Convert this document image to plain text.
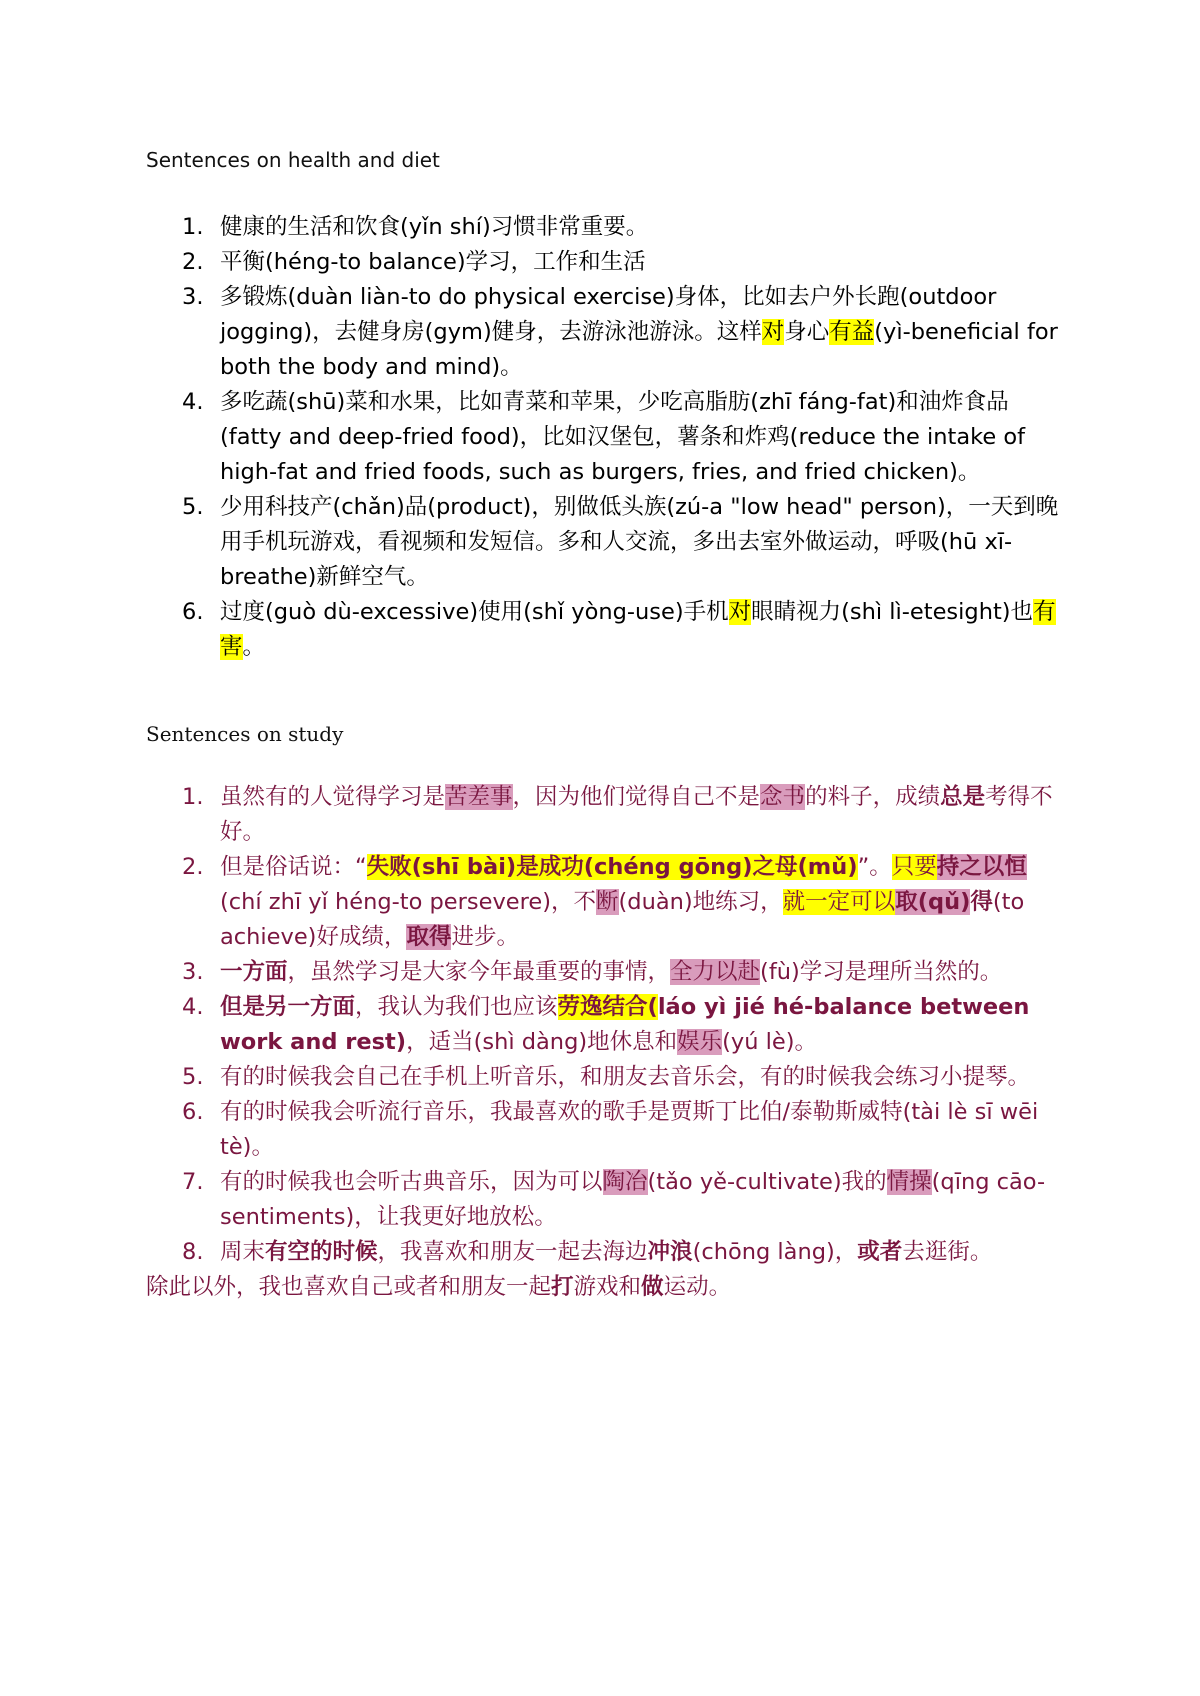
Sentences on health and diet
1. 健康的生活和饮食(yǐn shí)习惯非常重要。
2. 平衡(héng-to balance)学习，工作和生活
3. 多锻炼(duàn liàn-to do physical exercise)身体，比如去户外长跑(outdoor jogging)，去健身房(gym)健身，去游泳池游泳。这样对身心有益(yì-beneficial for both the body and mind)。
4. 多吃蔬(shū)菜和水果，比如青菜和苹果，少吃高脂肪(zhī fáng-fat)和油炸食品(fatty and deep-fried food)，比如汉堡包，薯条和炸鸡(reduce the intake of high-fat and fried foods, such as burgers, fries, and fried chicken)。
5. 少用科技产(chǎn)品(product)，别做低头族(zú-a "low head" person)，一天到晚用手机玩游戏，看视频和发短信。多和人交流，多出去室外做运动，呼吸(hū xī-breathe)新鲜空气。
6. 过度(guò dù-excessive)使用(shǐ yòng-use)手机对眼睛视力(shì lì-etesight)也有害。
Sentences on study
1. 虽然有的人觉得学习是苦差事，因为他们觉得自己不是念书的料子，成绩总是考得不好。
2. 但是俗话说：“失败(shī bài)是成功(chéng gōng)之母(mǔ)”。只要持之以恒(chí zhī yǐ héng-to persevere)，不断(duàn)地练习，就一定可以取(qǔ)得(to achieve)好成绩，取得进步。
3. 一方面，虽然学习是大家今年最重要的事情，全力以赴(fù)学习是理所当然的。
4. 但是另一方面，我认为我们也应该劳逸结合(láo yì jié hé-balance between work and rest)，适当(shì dàng)地休息和娱乐(yú lè)。
5. 有的时候我会自己在手机上听音乐，和朋友去音乐会，有的时候我会练习小提琴。
6. 有的时候我会听流行音乐，我最喜欢的歌手是贾斯丁比伯/泰勒斯威特(tài lè sī wēi tè)。
7. 有的时候我也会听古典音乐，因为可以陶冶(tǎo yě-cultivate)我的情操(qīng cāo-sentiments)，让我更好地放松。
8. 周末有空的时候，我喜欢和朋友一起去海边冲浪(chōng làng)，或者去逛街。
除此以外，我也喜欢自己或者和朋友一起打游戏和做运动。
